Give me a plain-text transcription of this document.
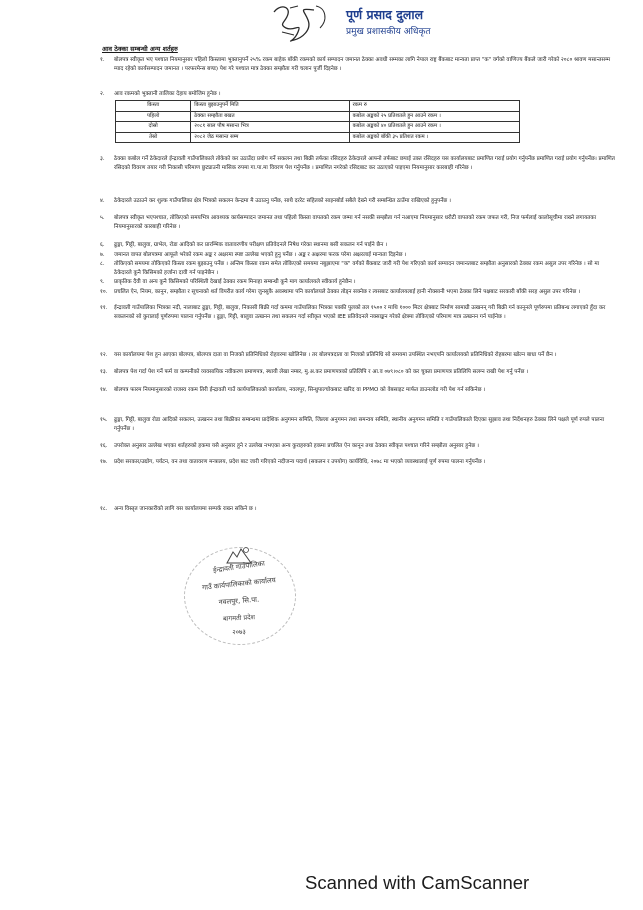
पूर्ण प्रसाद दुलाल
प्रमुख प्रशासकीय अधिकृत
आव ठेक्का सम्बन्धी अन्य शर्तहरु
१.	बोलपत्र स्वीकृत भए पश्चात नियमानुसार पहिलो किस्तामा भुक्तानुपर्ने २५% रकम बाहेक बाँकी रकमको कार्य सम्पादन जमानत ठेक्का अवधी सम्मका लागि नेपाल राष्ट्र बैंकबाट मान्यता प्राप्त "क" वर्गको वाणिज्य बैंकले जारी गरेको २०८० श्रावण मसान्तसम्म म्याद रहेको कार्यसम्पादन जमानत । परफरमेन्स बण्ड) पेश गरे पश्चात मात्र ठेक्का सम्झौता गरी चलान पुर्जी दिइनेछ ।
२.	आव रकमको भुक्तानी तालिका देहाय बमोजिम हुनेछ ।
किस्ता	किस्ता बुझाउनुपर्ने मिति	रकम रु
पहिलो	ठेक्का सम्झौता बखत	कबोल अङ्कको २५ प्रतिशतले हुन आउने रकम ।
दोस्रो	२०८१ साल पौष मसान्त भित्र	कबोल अङ्कको ४० प्रतिशतले हुन आउने रकम ।
तेस्रो	२०८२ जेठ मसान्त सम्म	कबोल अङ्कको बाँकी ३५ प्रतिशत रकम ।
३.	ठेक्का कबोल गर्ने ठेकेदारले ईन्द्रावती गाउँपालिकाले तोकेको कर उठाउँदा प्रयोग गर्ने सकलन तथा बिक्री तर्फका रसिदहरु ठेकेदारले आफ्नो तर्फबाट छपाई उक्त रसिदहरु यस कार्यालयबाट प्रमाणित गराई प्रयोग गर्नुपर्नेछ प्रमाणित गराई प्रयोग गर्नुपर्नेछ। प्रमाणित रसिदको विवरण तयार गरी निकासी परिमाण छुट्याउनी मासिक रुपमा गा.पा.मा विवरण पेश गर्नुपर्नेछ । प्रमाणित नगरेको रसिदबाट कर उठाएको पाइएमा नियमानुसार कारबाही गरिनेछ ।
४.	ठेकेदारले उठाउने कर शुल्क गाउँपालिका क्षेत्र भित्रको सकलन केन्द्रमा मै उठाउनु पर्नेछ, साथै दररेट सहितको साइनबोर्ड सबैले देख्ने गरी सम्बन्धित ठाउँमा राखिएको हुनुपर्नेछ ।
५.	बोलपत्र स्वीकृत भएपश्चात, तोकिएको समयभित्र आवश्यक कार्यसम्पादन जमानत तथा पहिलो किस्ता वापतको रकम जम्मा गर्न नसकी सम्झौता गर्न नआएमा नियमानुसार धरौटी वापतको रकम जफत गरी, निज फर्मलाई कालोसूचीमा राख्ने लगायतका नियमानुसारको कारबाही गरिनेछ ।
६.	ढुङ्गा, गिट्टी, बालुवा, ग्राभेल, रोडा आदिको कर प्रारम्भिक वातावरणीय परीक्षण प्रतिवेदनले निषेध गरेका स्थानमा बसी सकलन गर्न पाईने छैन ।
७.	जमानत वापत बोलपत्रमा आफूले भरेको रकम अङ्क र अक्षरमा स्पष्ट उल्लेख भएको हुनु पर्नेछ । अङ्क र अक्षरमा फरक परेमा अक्षरलाई मान्यता दिइनेछ ।
८.	तोकिएको समयमा तोकिएको किस्ता रकम बुझाउनु पर्नेछ । अन्तिम किस्ता रकम समेत तोकिएको समयमा नबुझाएमा "क" वर्गको बैंकबाट जारी गरी पेश गरिएको कार्य सम्पादन जमानतबाट सम्झौता अनुसारको ठेक्का रकम असुल उपर गरिनेछ । सो मा ठेकेदारले कुनै किसिमको हर्जाना दावी गर्न पाइनेछैन ।
९.	प्राकृतिक दैवी वा अन्य कुनै किसिमको परिस्थिती देखाई ठेक्का रकम मिनाहा सम्बन्धी कुनै माग कार्यालयले स्वीकार्य हुनेछैन ।
१०.	प्रचलित ऐन, नियम, कानून, सम्झौता र सूचनाको शर्त विपरीत कार्य गरेमा जुनसुकै अवस्थामा पनि कार्यालयले ठेक्का तोड्न सक्नेछ र त्यसबाट कार्यालयलाई हानी नोक्सानी भएमा ठेक्का लिने पक्षबाट सरकारी बाँकी सरह असुल उपर गरिनेछ ।
११.	ईन्द्रावती गाउँपालिका भित्रका नदी, नालाबाट ढुङ्गा, गिट्टी, बालुवा, निकासी बिक्री गर्दा कममा गाउँपालिका भित्रका पक्की पुलको तल १५०० र माथि १००० मिटर क्षेत्रबाट निर्माण सामाग्री उत्खनन् गरी बिक्री गर्न कानूनले पूर्णरुपमा प्रतिबन्ध लगाएको हुँदा कर सकलनको सो कुरालाई पूर्णरुपमा पालना गर्नुपर्नेछ । ढुङ्गा, गिट्टी, बालुवा उत्खनन तथा सकलन गर्दा स्वीकृत भएको IEE प्रतिवेदनले नक्साङ्कन गरेको क्षेत्रमा तोकिएको परिमाण मात्र उत्खनन गर्न पाईनेछ ।
१२.	यस कार्यालयमा पेश हुन आएका बोलपत्र, बोलपत्र दाता वा निजको प्रतिनिधिको रोहवरमा खोलिनेछ । तर बोलपत्रदाता वा निजको प्रतिनिधि सो समयमा उपस्थित नभएपनि कार्यालयको प्रतिनिधिको रोहबरमा खोल्न बाधा पर्ने छैन ।
१३.	बोलपत्र पेश गर्दा पेश गर्ने फर्म वा कम्पनीको व्यवसायिक नवीकरण प्रमाणपत्र, स्थायी लेखा नम्बर, मु.अ.कर प्रमाणपत्रको प्रतिलिपि र आ.व ०७९।०८० को कर चुक्ता प्रमाणपत्र प्रतिलिपि सलग्न राखी पेश गर्नु पर्नेछ ।
१४.	बोलपत्र फारम नियमानुसारको राजस्व रकम तिरी ईन्द्रावती गाउँ कार्यपालिकाको कार्यालय, नवलपुर, सिन्धुपाल्चोकबाट खरिद वा PPMO को वेबसाइट मार्फत डाउनलोड गरी पेश गर्न सकिनेछ ।
१५.	ढुङ्गा, गिट्टी, बालुवा रोडा आदिको सकलन, उत्खनन तथा बिक्रीका सम्बन्धमा प्रादेशिक अनुगमन समिति, जिल्ला अनुगमन तथा समन्वय समिति, स्थानीय अनुगमन समिति र गाउँपालिकाले दिएका सुझाव तथा निर्देशनहरु ठेक्का लिने पक्षले पूर्ण रुपले पालना गर्नुपर्नेछ ।
१६.	उपरोक्त अनुसार उल्लेख भएका शर्तहरुको हकमा यसै अनुसार हुने र उल्लेख नभएका अन्य कुराहरुको हकमा प्रचलित ऐन कानून तथा ठेक्का स्वीकृत पश्चात गरिने सम्झौता अनुसार हुनेछ ।
१७.	प्रदेश सरकार/उद्योग, पर्यटन, वन तथा वातावरण मन्त्रालय, प्रदेश बाट जारी गरिएको नदीजन्य पदार्थ (सकलन र उपयोग) कार्यविधि, २०७८ मा भएको व्यवस्थालाई पूर्ण रुपमा पालना गर्नुपर्नेछ ।
१८.	अन्य विस्तृत जानकारीको लागि यस कार्यालयमा सम्पर्क राख्न सकिने छ ।
ईन्द्रावती गाउँपालिका
गाउँ कार्यपालिकाको कार्यालय
नवलपुर, सि.पा.
बागमती प्रदेश
२०७३
Scanned with CamScanner
